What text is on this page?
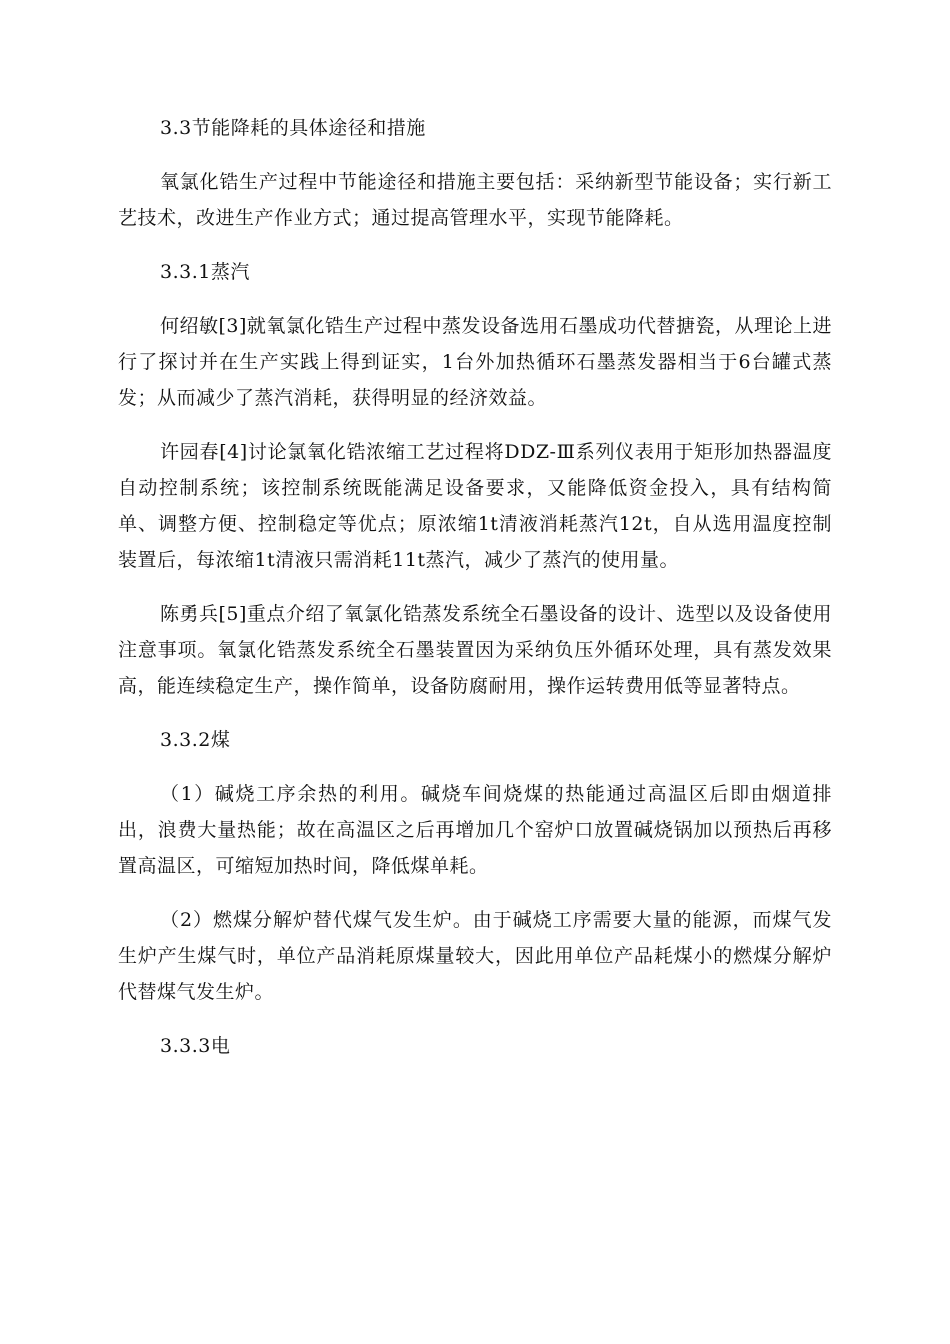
3.3节能降耗的具体途径和措施

氧氯化锆生产过程中节能途径和措施主要包括：采纳新型节能设备；实行新工艺技术，改进生产作业方式；通过提高管理水平，实现节能降耗。

3.3.1蒸汽

何绍敏[3]就氧氯化锆生产过程中蒸发设备选用石墨成功代替搪瓷，从理论上进行了探讨并在生产实践上得到证实，1台外加热循环石墨蒸发器相当于6台罐式蒸发；从而减少了蒸汽消耗，获得明显的经济效益。

许园春[4]讨论氯氧化锆浓缩工艺过程将DDZ-Ⅲ系列仪表用于矩形加热器温度自动控制系统；该控制系统既能满足设备要求，又能降低资金投入，具有结构简单、调整方便、控制稳定等优点；原浓缩1t清液消耗蒸汽12t，自从选用温度控制装置后，每浓缩1t清液只需消耗11t蒸汽，减少了蒸汽的使用量。

陈勇兵[5]重点介绍了氧氯化锆蒸发系统全石墨设备的设计、选型以及设备使用注意事项。氧氯化锆蒸发系统全石墨装置因为采纳负压外循环处理，具有蒸发效果高，能连续稳定生产，操作简单，设备防腐耐用，操作运转费用低等显著特点。

3.3.2煤

（1）碱烧工序余热的利用。碱烧车间烧煤的热能通过高温区后即由烟道排出，浪费大量热能；故在高温区之后再增加几个窑炉口放置碱烧锅加以预热后再移置高温区，可缩短加热时间，降低煤单耗。

（2）燃煤分解炉替代煤气发生炉。由于碱烧工序需要大量的能源，而煤气发生炉产生煤气时，单位产品消耗原煤量较大，因此用单位产品耗煤小的燃煤分解炉代替煤气发生炉。

3.3.3电
